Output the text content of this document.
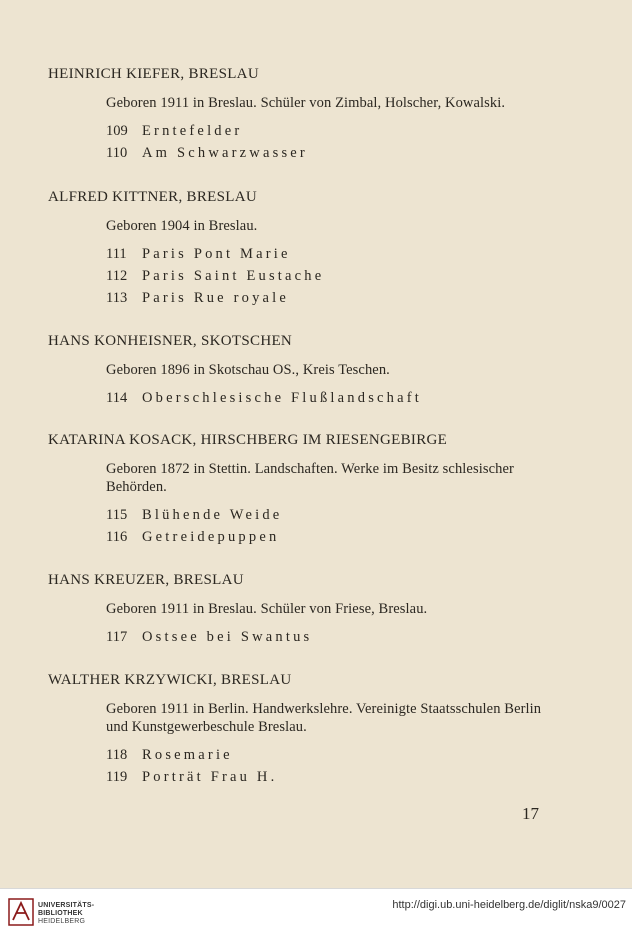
HEINRICH KIEFER, BRESLAU
Geboren 1911 in Breslau. Schüler von Zimbal, Holscher, Kowalski.
109 Erntefelder
110 Am Schwarzwasser
ALFRED KITTNER, BRESLAU
Geboren 1904 in Breslau.
111 Paris Pont Marie
112 Paris Saint Eustache
113 Paris Rue royale
HANS KONHEISNER, SKOTSCHEN
Geboren 1896 in Skotschau OS., Kreis Teschen.
114 Oberschlesische Flußlandschaft
KATARINA KOSACK, HIRSCHBERG IM RIESENGEBIRGE
Geboren 1872 in Stettin. Landschaften. Werke im Besitz schlesischer Behörden.
115 Blühende Weide
116 Getreidepuppen
HANS KREUZER, BRESLAU
Geboren 1911 in Breslau. Schüler von Friese, Breslau.
117 Ostsee bei Swantus
WALTHER KRZYWICKI, BRESLAU
Geboren 1911 in Berlin. Handwerkslehre. Vereinigte Staatsschulen Berlin und Kunstgewerbeschule Breslau.
118 Rosemarie
119 Porträt Frau H.
17
UNIVERSITÄTS-
BIBLIOTHEK
HEIDELBERG
http://digi.ub.uni-heidelberg.de/diglit/nska9/0027
